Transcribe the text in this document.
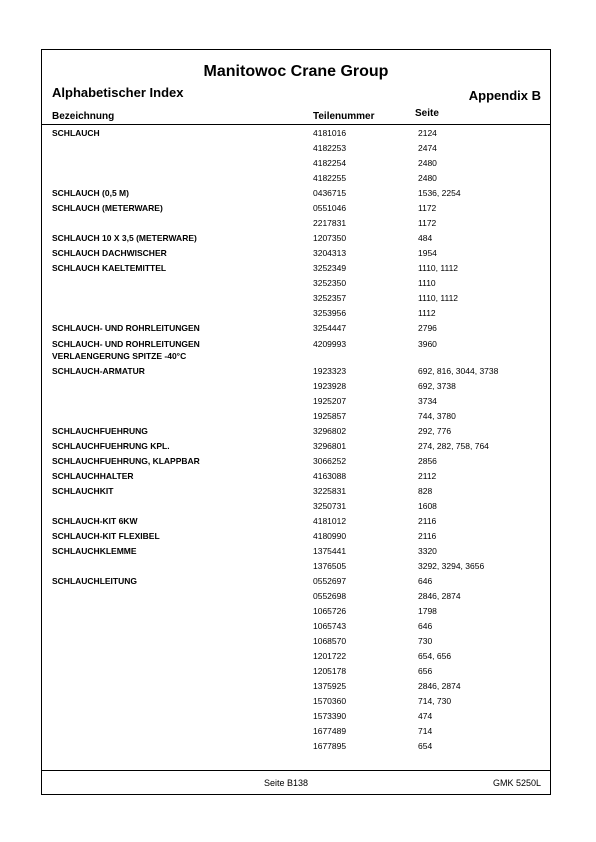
Manitowoc Crane Group
Alphabetischer Index	Appendix B
Bezeichnung	Teilenummer	Seite
SCHLAUCH	4181016	2124
4182253	2474
4182254	2480
4182255	2480
SCHLAUCH (0,5 M)	0436715	1536, 2254
SCHLAUCH (METERWARE)	0551046	1172
2217831	1172
SCHLAUCH 10 X 3,5 (METERWARE)	1207350	484
SCHLAUCH DACHWISCHER	3204313	1954
SCHLAUCH KAELTEMITTEL	3252349	1110, 1112
3252350	1110
3252357	1110, 1112
3253956	1112
SCHLAUCH- UND ROHRLEITUNGEN	3254447	2796
SCHLAUCH- UND ROHRLEITUNGEN
VERLAENGERUNG SPITZE -40°C
4209993	3960
SCHLAUCH-ARMATUR	1923323	692, 816, 3044, 3738
1923928	692, 3738
1925207	3734
1925857	744, 3780
SCHLAUCHFUEHRUNG	3296802	292, 776
SCHLAUCHFUEHRUNG KPL.	3296801	274, 282, 758, 764
SCHLAUCHFUEHRUNG, KLAPPBAR	3066252	2856
SCHLAUCHHALTER	4163088	2112
SCHLAUCHKIT	3225831	828
3250731	1608
SCHLAUCH-KIT 6KW	4181012	2116
SCHLAUCH-KIT FLEXIBEL	4180990	2116
SCHLAUCHKLEMME	1375441	3320
1376505	3292, 3294, 3656
SCHLAUCHLEITUNG	0552697	646
0552698	2846, 2874
1065726	1798
1065743	646
1068570	730
1201722	654, 656
1205178	656
1375925	2846, 2874
1570360	714, 730
1573390	474
1677489	714
1677895	654
Seite B138	GMK 5250L
